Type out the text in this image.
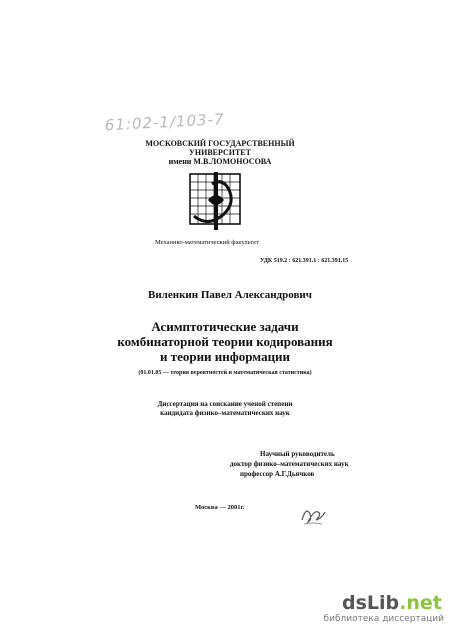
61:02-1/103-7
МОСКОВСКИЙ ГОСУДАРСТВЕННЫЙ
УНИВЕРСИТЕТ
имени М.В.ЛОМОНОСОВА
Механико-математический факультет
УДК 519.2 : 621.391.1 : 621.391.15
Виленкин Павел Александрович
Асимптотические задачи
комбинаторной теории кодирования
и теории информации
(01.01.05 — теория вероятностей и математическая статистика)
Диссертация на соискание ученой степени
кандидата физико–математических наук
Научный руководитель
доктор физико–математических наук
профессор А.Г.Дьячков
Москва — 2001г.
dsLib.net
библиотека диссертаций
